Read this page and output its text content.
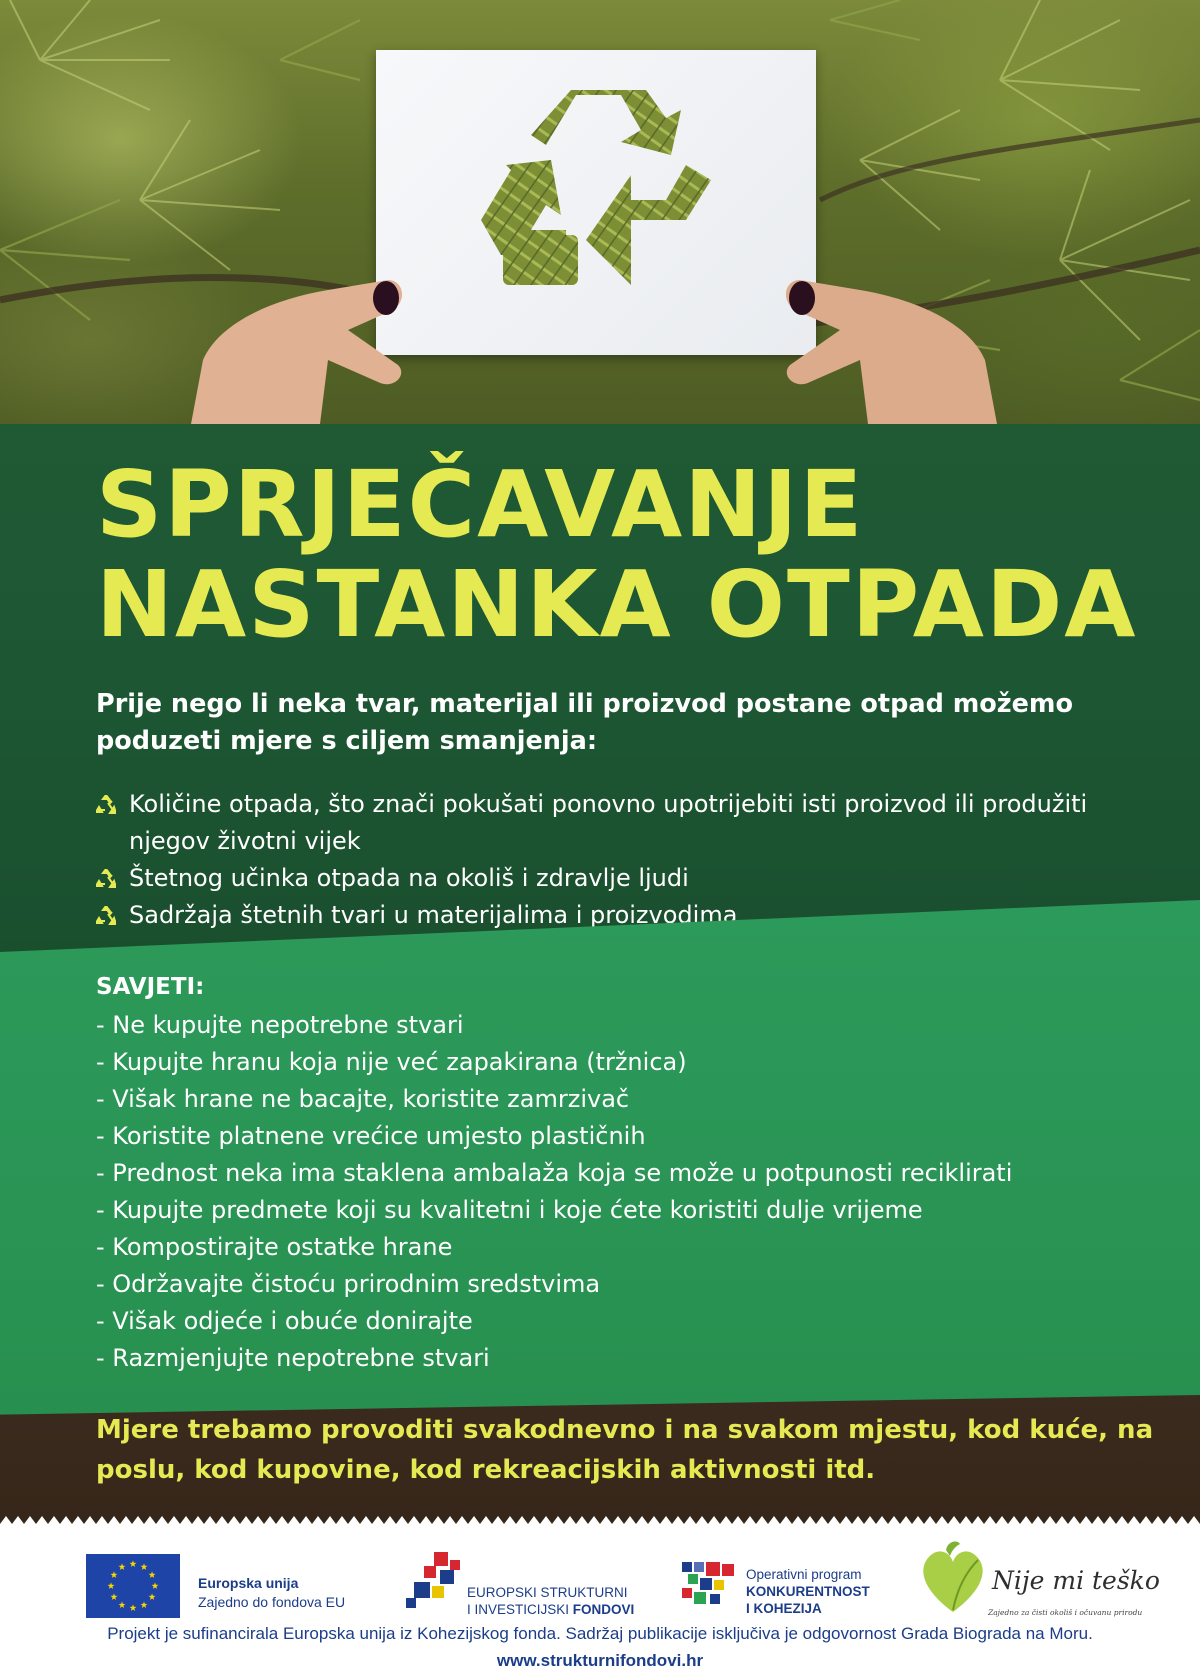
SPRJEČAVANJE
NASTANKA OTPADA
Prije nego li neka tvar, materijal ili proizvod postane otpad možemo poduzeti mjere s ciljem smanjenja:
Količine otpada, što znači pokušati ponovno upotrijebiti isti proizvod ili produžiti njegov životni vijek
Štetnog učinka otpada na okoliš i zdravlje ljudi
Sadržaja štetnih tvari u materijalima i proizvodima
SAVJETI:
- Ne kupujte nepotrebne stvari
- Kupujte hranu koja nije već zapakirana (tržnica)
- Višak hrane ne bacajte, koristite zamrzivač
- Koristite platnene vrećice umjesto plastičnih
- Prednost neka ima staklena ambalaža koja se može u potpunosti reciklirati
- Kupujte predmete koji su kvalitetni i koje ćete koristiti dulje vrijeme
- Kompostirajte ostatke hrane
- Održavajte čistoću prirodnim sredstvima
- Višak odjeće i obuće donirajte
- Razmjenjujte nepotrebne stvari
Mjere trebamo provoditi svakodnevno i na svakom mjestu, kod kuće, na poslu, kod kupovine, kod rekreacijskih aktivnosti itd.
Europska unija
Zajedno do fondova EU
EUROPSKI STRUKTURNI
I INVESTICIJSKI FONDOVI
Operativni program
KONKURENTNOST
I KOHEZIJA
Nije mi teško
Zajedno za čisti okoliš i očuvanu prirodu
Projekt je sufinancirala Europska unija iz Kohezijskog fonda. Sadržaj publikacije isključiva je odgovornost Grada Biograda na Moru.
www.strukturnifondovi.hr
